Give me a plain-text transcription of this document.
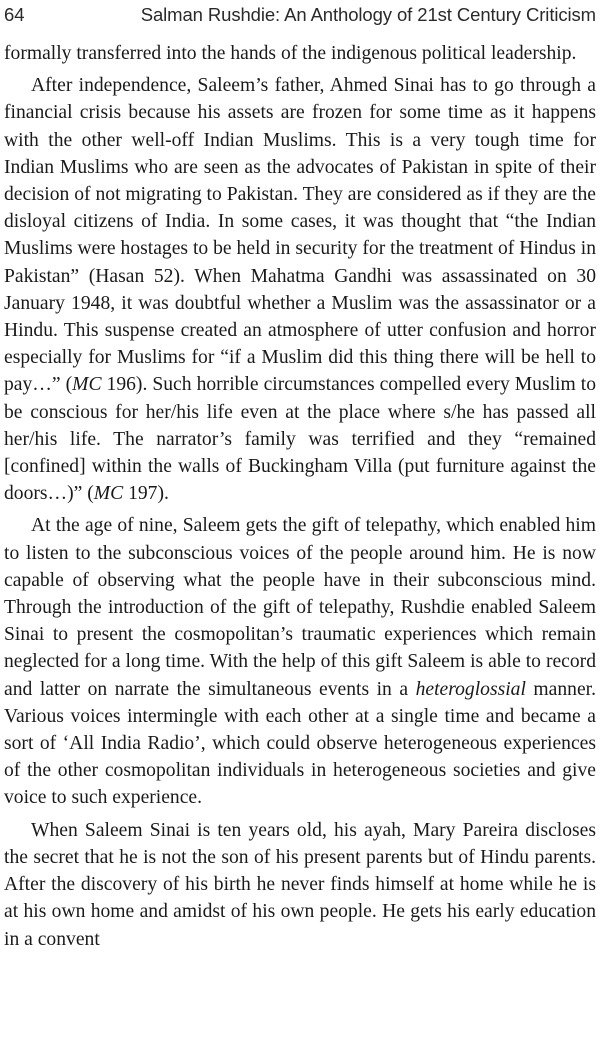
64	Salman Rushdie: An Anthology of 21st Century Criticism

formally transferred into the hands of the indigenous political leadership.

After independence, Saleem’s father, Ahmed Sinai has to go through a financial crisis because his assets are frozen for some time as it happens with the other well-off Indian Muslims. This is a very tough time for Indian Muslims who are seen as the advocates of Pakistan in spite of their decision of not migrating to Pakistan. They are considered as if they are the disloyal citizens of India. In some cases, it was thought that “the Indian Muslims were hostages to be held in security for the treatment of Hindus in Pakistan” (Hasan 52). When Mahatma Gandhi was assassinated on 30 January 1948, it was doubtful whether a Muslim was the assassinator or a Hindu. This suspense created an atmosphere of utter confusion and horror especially for Muslims for “if a Muslim did this thing there will be hell to pay…” (MC 196). Such horrible circumstances compelled every Muslim to be conscious for her/his life even at the place where s/he has passed all her/his life. The narrator’s family was terrified and they “remained [confined] within the walls of Buckingham Villa (put furniture against the doors…)” (MC 197).

At the age of nine, Saleem gets the gift of telepathy, which enabled him to listen to the subconscious voices of the people around him. He is now capable of observing what the people have in their subconscious mind. Through the introduction of the gift of telepathy, Rushdie enabled Saleem Sinai to present the cosmopolitan’s traumatic experiences which remain neglected for a long time. With the help of this gift Saleem is able to record and latter on narrate the simultaneous events in a heteroglossial manner. Various voices intermingle with each other at a single time and became a sort of ‘All India Radio’, which could observe heterogeneous experiences of the other cosmopolitan individuals in heterogeneous societies and give voice to such experience.

When Saleem Sinai is ten years old, his ayah, Mary Pareira discloses the secret that he is not the son of his present parents but of Hindu parents. After the discovery of his birth he never finds himself at home while he is at his own home and amidst of his own people. He gets his early education in a convent
